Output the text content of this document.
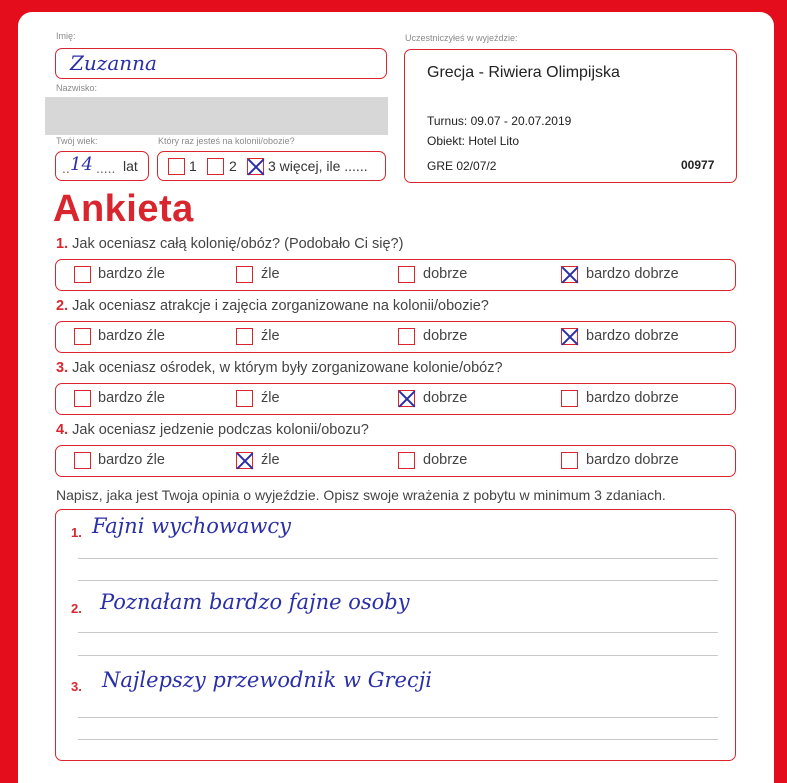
Imię:
Zuzanna
Nazwisko:
Twój wiek:
.. 14 ..... lat
Który raz jesteś na kolonii/obozie?
1 2 3 więcej, ile ......
Uczestniczyłeś w wyjeździe:
Grecja - Riwiera Olimpijska
Turnus: 09.07 - 20.07.2019
Obiekt: Hotel Lito
GRE 02/07/2	00977
Ankieta
1. Jak oceniasz całą kolonię/obóz? (Podobało Ci się?)
bardzo źle	źle	dobrze	bardzo dobrze
2. Jak oceniasz atrakcje i zajęcia zorganizowane na kolonii/obozie?
bardzo źle	źle	dobrze	bardzo dobrze
3. Jak oceniasz ośrodek, w którym były zorganizowane kolonie/obóz?
bardzo źle	źle	dobrze	bardzo dobrze
4. Jak oceniasz jedzenie podczas kolonii/obozu?
bardzo źle	źle	dobrze	bardzo dobrze
Napisz, jaka jest Twoja opinia o wyjeździe. Opisz swoje wrażenia z pobytu w minimum 3 zdaniach.
1. Fajni wychowawcy
2. Poznałam bardzo fajne osoby
3. Najlepszy przewodnik w Grecji
